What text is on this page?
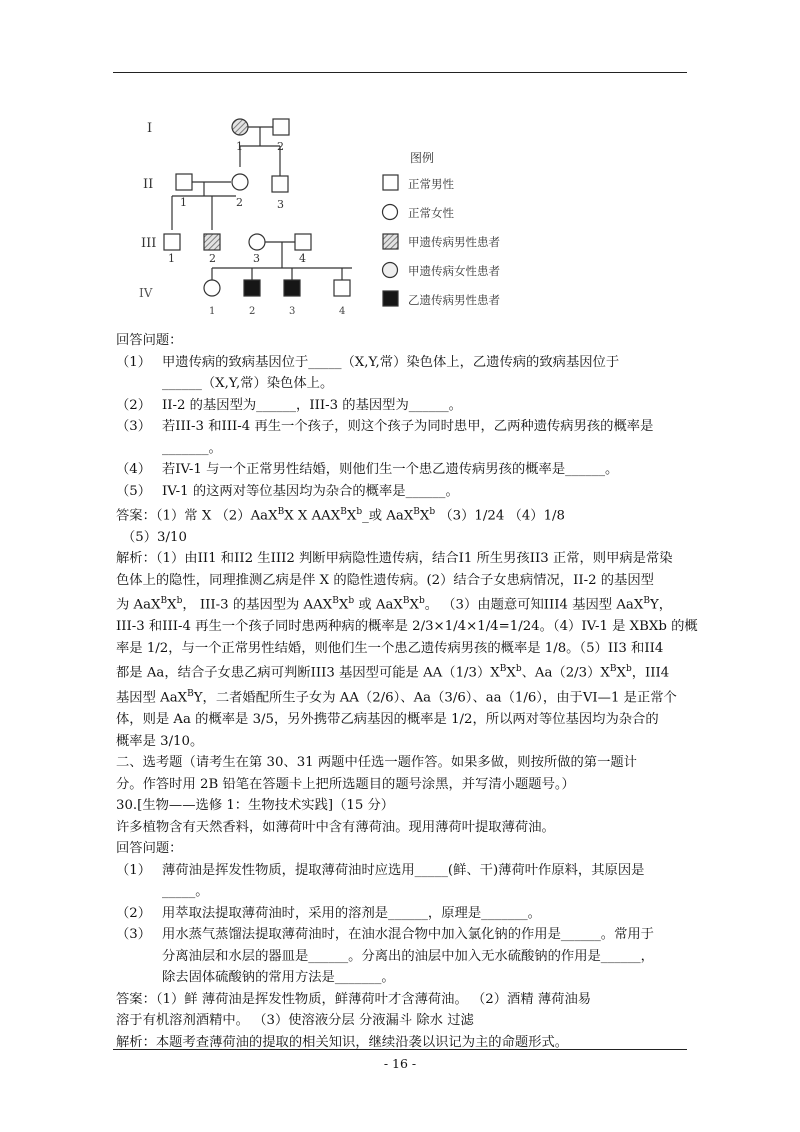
I
II
III
IV
1	2
1	2	3
1	2	3	4
1	2	3	4
图例
正常男性
正常女性
甲遗传病男性患者
甲遗传病女性患者
乙遗传病男性患者
回答问题：
（1） 甲遗传病的致病基因位于_____（X,Y,常）染色体上，乙遗传病的致病基因位于
______（X,Y,常）染色体上。
（2） II-2 的基因型为______，III-3 的基因型为______。
（3） 若III-3 和III-4 再生一个孩子，则这个孩子为同时患甲，乙两种遗传病男孩的概率是
_______。
（4） 若IV-1 与一个正常男性结婚，则他们生一个患乙遗传病男孩的概率是______。
（5） IV-1 的这两对等位基因均为杂合的概率是______。
答案：（1）常 X （2）AaX$^B$X X $AAX^BX^b\_$或 $AaX^BX^b$ （3）1/24 （4）1/8
（5）3/10
解析：（1）由II1 和II2 生III2 判断甲病隐性遗传病，结合I1 所生男孩II3 正常，则甲病是常染
色体上的隐性，同理推测乙病是伴 X 的隐性遗传病。(2）结合子女患病情况，II-2 的基因型
为 $AaX^BX^b$， III-3 的基因型为 $AAX^BX^b$ 或 $AaX^BX^b$。 （3）由题意可知III4 基因型 AaX$^B$Y，
III-3 和III-4 再生一个孩子同时患两种病的概率是 2/3×1/4×1/4=1/24。（4）IV-1 是 XBXb 的概
率是 1/2，与一个正常男性结婚，则他们生一个患乙遗传病男孩的概率是 1/8。（5）II3 和II4
都是 Aa，结合子女患乙病可判断III3 基因型可能是 $AA(1/3)X^BX^b$、$Aa(2/3)X^BX^b$，III4
基因型 AaX$^B$Y，二者婚配所生子女为 AA（2/6）、Aa（3/6）、aa（1/6），由于VI—1 是正常个
体，则是 Aa 的概率是 3/5，另外携带乙病基因的概率是 1/2，所以两对等位基因均为杂合的
概率是 3/10。
二、选考题（请考生在第 30、31 两题中任选一题作答。如果多做，则按所做的第一题计
分。作答时用 2B 铅笔在答题卡上把所选题目的题号涂黑，并写清小题题号。）
30.[生物——选修 1：生物技术实践]（15 分）
许多植物含有天然香料，如薄荷叶中含有薄荷油。现用薄荷叶提取薄荷油。
回答问题：
（1） 薄荷油是挥发性物质，提取薄荷油时应选用_____(鲜、干)薄荷叶作原料，其原因是
_____。
（2） 用萃取法提取薄荷油时，采用的溶剂是______，原理是_______。
（3） 用水蒸气蒸馏法提取薄荷油时，在油水混合物中加入氯化钠的作用是______。常用于
分离油层和水层的器皿是______。分离出的油层中加入无水硫酸钠的作用是______，
除去固体硫酸钠的常用方法是_______。
答案：（1）鲜 薄荷油是挥发性物质，鲜薄荷叶才含薄荷油。 （2）酒精 薄荷油易
溶于有机溶剂酒精中。 （3）使溶液分层 分液漏斗 除水 过滤
解析：本题考查薄荷油的提取的相关知识，继续沿袭以识记为主的命题形式。
- 16 -
